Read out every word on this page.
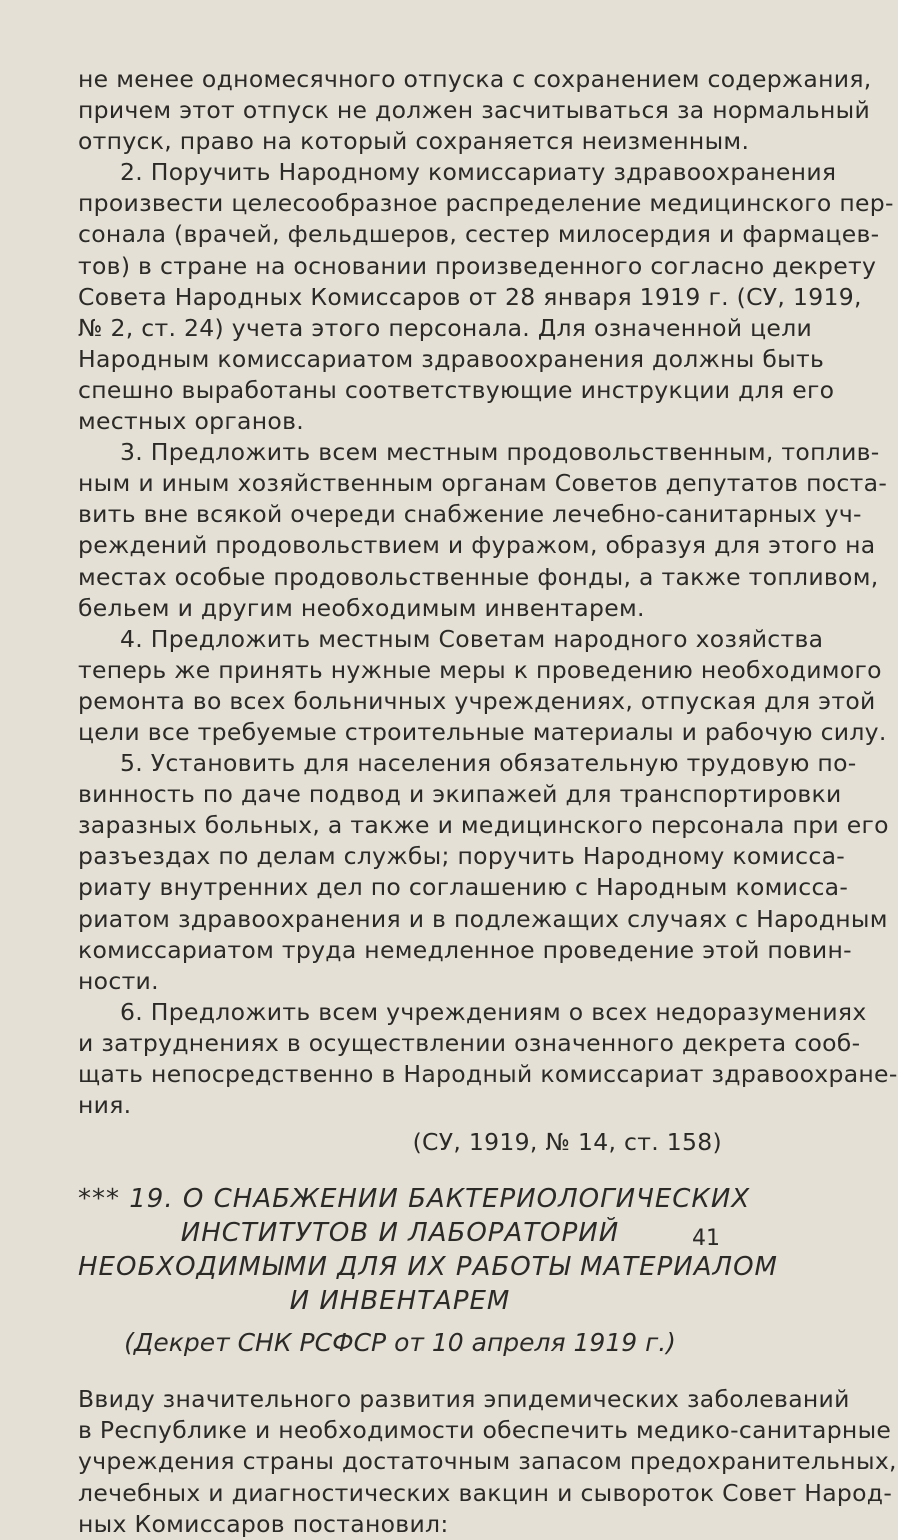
не менее одномесячного отпуска с сохранением содержания,
причем этот отпуск не должен засчитываться за нормальный
отпуск, право на который сохраняется неизменным.
2. Поручить Народному комиссариату здравоохранения
произвести целесообразное распределение медицинского пер-
сонала (врачей, фельдшеров, сестер милосердия и фармацев-
тов) в стране на основании произведенного согласно декрету
Совета Народных Комиссаров от 28 января 1919 г. (СУ, 1919,
№ 2, ст. 24) учета этого персонала. Для означенной цели
Народным комиссариатом здравоохранения должны быть
спешно выработаны соответствующие инструкции для его
местных органов.
3. Предложить всем местным продовольственным, топлив-
ным и иным хозяйственным органам Советов депутатов поста-
вить вне всякой очереди снабжение лечебно-санитарных уч-
реждений продовольствием и фуражом, образуя для этого на
местах особые продовольственные фонды, а также топливом,
бельем и другим необходимым инвентарем.
4. Предложить местным Советам народного хозяйства
теперь же принять нужные меры к проведению необходимого
ремонта во всех больничных учреждениях, отпуская для этой
цели все требуемые строительные материалы и рабочую силу.
5. Установить для населения обязательную трудовую по-
винность по даче подвод и экипажей для транспортировки
заразных больных, а также и медицинского персонала при его
разъездах по делам службы; поручить Народному комисса-
риату внутренних дел по соглашению с Народным комисса-
риатом здравоохранения и в подлежащих случаях с Народным
комиссариатом труда немедленное проведение этой повин-
ности.
6. Предложить всем учреждениям о всех недоразумениях
и затруднениях в осуществлении означенного декрета сооб-
щать непосредственно в Народный комиссариат здравоохране-
ния.
(СУ, 1919, № 14, ст. 158)
*** 19. О СНАБЖЕНИИ БАКТЕРИОЛОГИЧЕСКИХ
ИНСТИТУТОВ И ЛАБОРАТОРИЙ
НЕОБХОДИМЫМИ ДЛЯ ИХ РАБОТЫ МАТЕРИАЛОМ
И ИНВЕНТАРЕМ
(Декрет СНК РСФСР от 10 апреля 1919 г.)
Ввиду значительного развития эпидемических заболеваний
в Республике и необходимости обеспечить медико-санитарные
учреждения страны достаточным запасом предохранительных,
лечебных и диагностических вакцин и сывороток Совет Народ-
ных Комиссаров постановил:
41
